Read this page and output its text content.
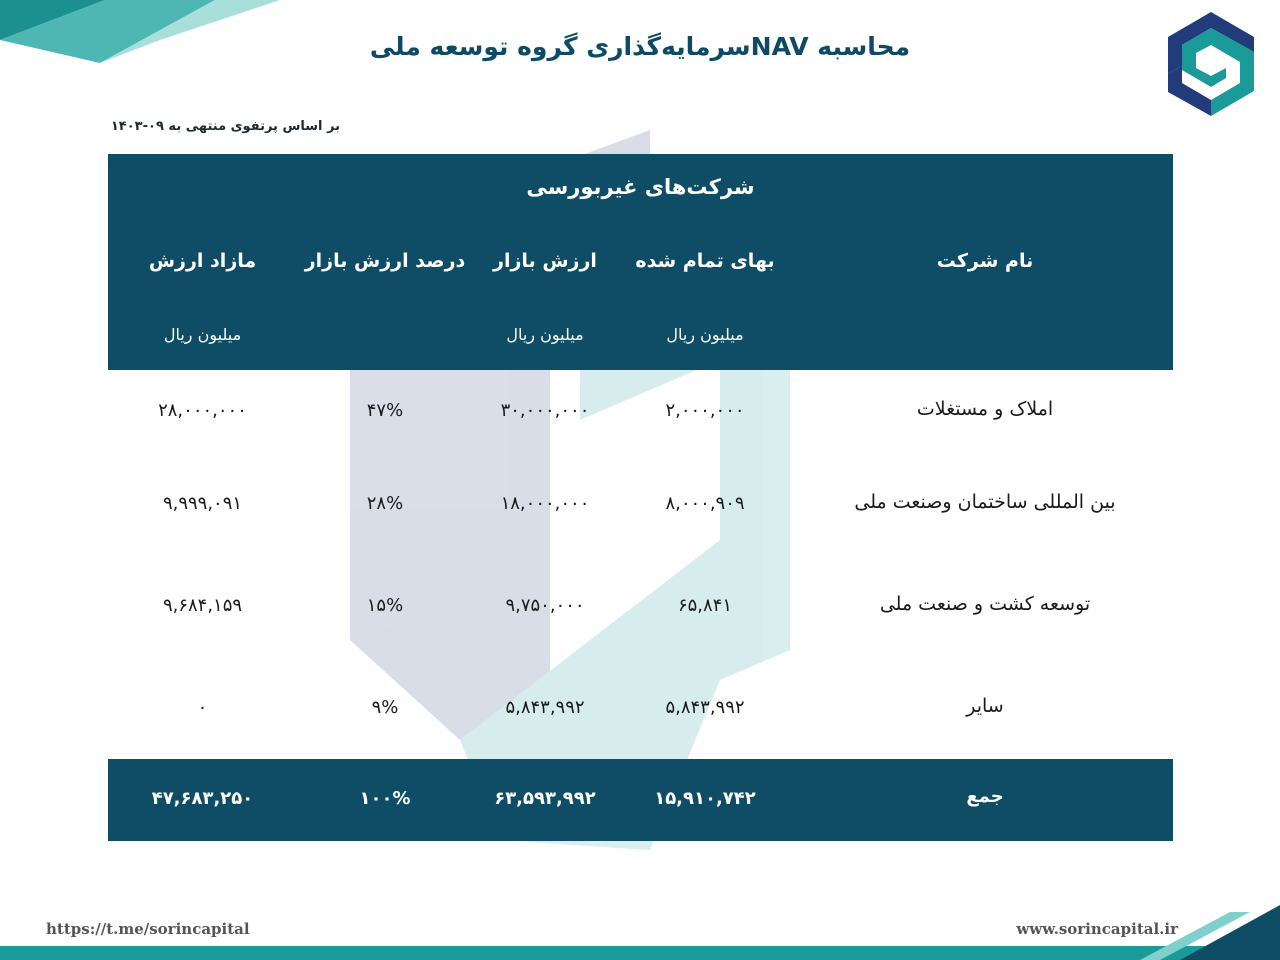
محاسبه NAVسرمایه‌گذاری گروه توسعه ملی
بر اساس پرتفوی منتهی به ۰۹-۱۴۰۳
شرکت‌های غیربورسی
نام شرکت
بهای تمام شده
ارزش بازار
درصد ارزش بازار
مازاد ارزش
میلیون ریال
میلیون ریال
میلیون ریال
املاک و مستغلات
۲,۰۰۰,۰۰۰
۳۰,۰۰۰,۰۰۰
۴۷%
۲۸,۰۰۰,۰۰۰
بین المللی ساختمان وصنعت ملی
۸,۰۰۰,۹۰۹
۱۸,۰۰۰,۰۰۰
۲۸%
۹,۹۹۹,۰۹۱
توسعه کشت و صنعت ملی
۶۵,۸۴۱
۹,۷۵۰,۰۰۰
۱۵%
۹,۶۸۴,۱۵۹
سایر
۵,۸۴۳,۹۹۲
۵,۸۴۳,۹۹۲
۹%
۰
جمع
۱۵,۹۱۰,۷۴۲
۶۳,۵۹۳,۹۹۲
۱۰۰%
۴۷,۶۸۳,۲۵۰
https://t.me/sorincapital	www.sorincapital.ir
